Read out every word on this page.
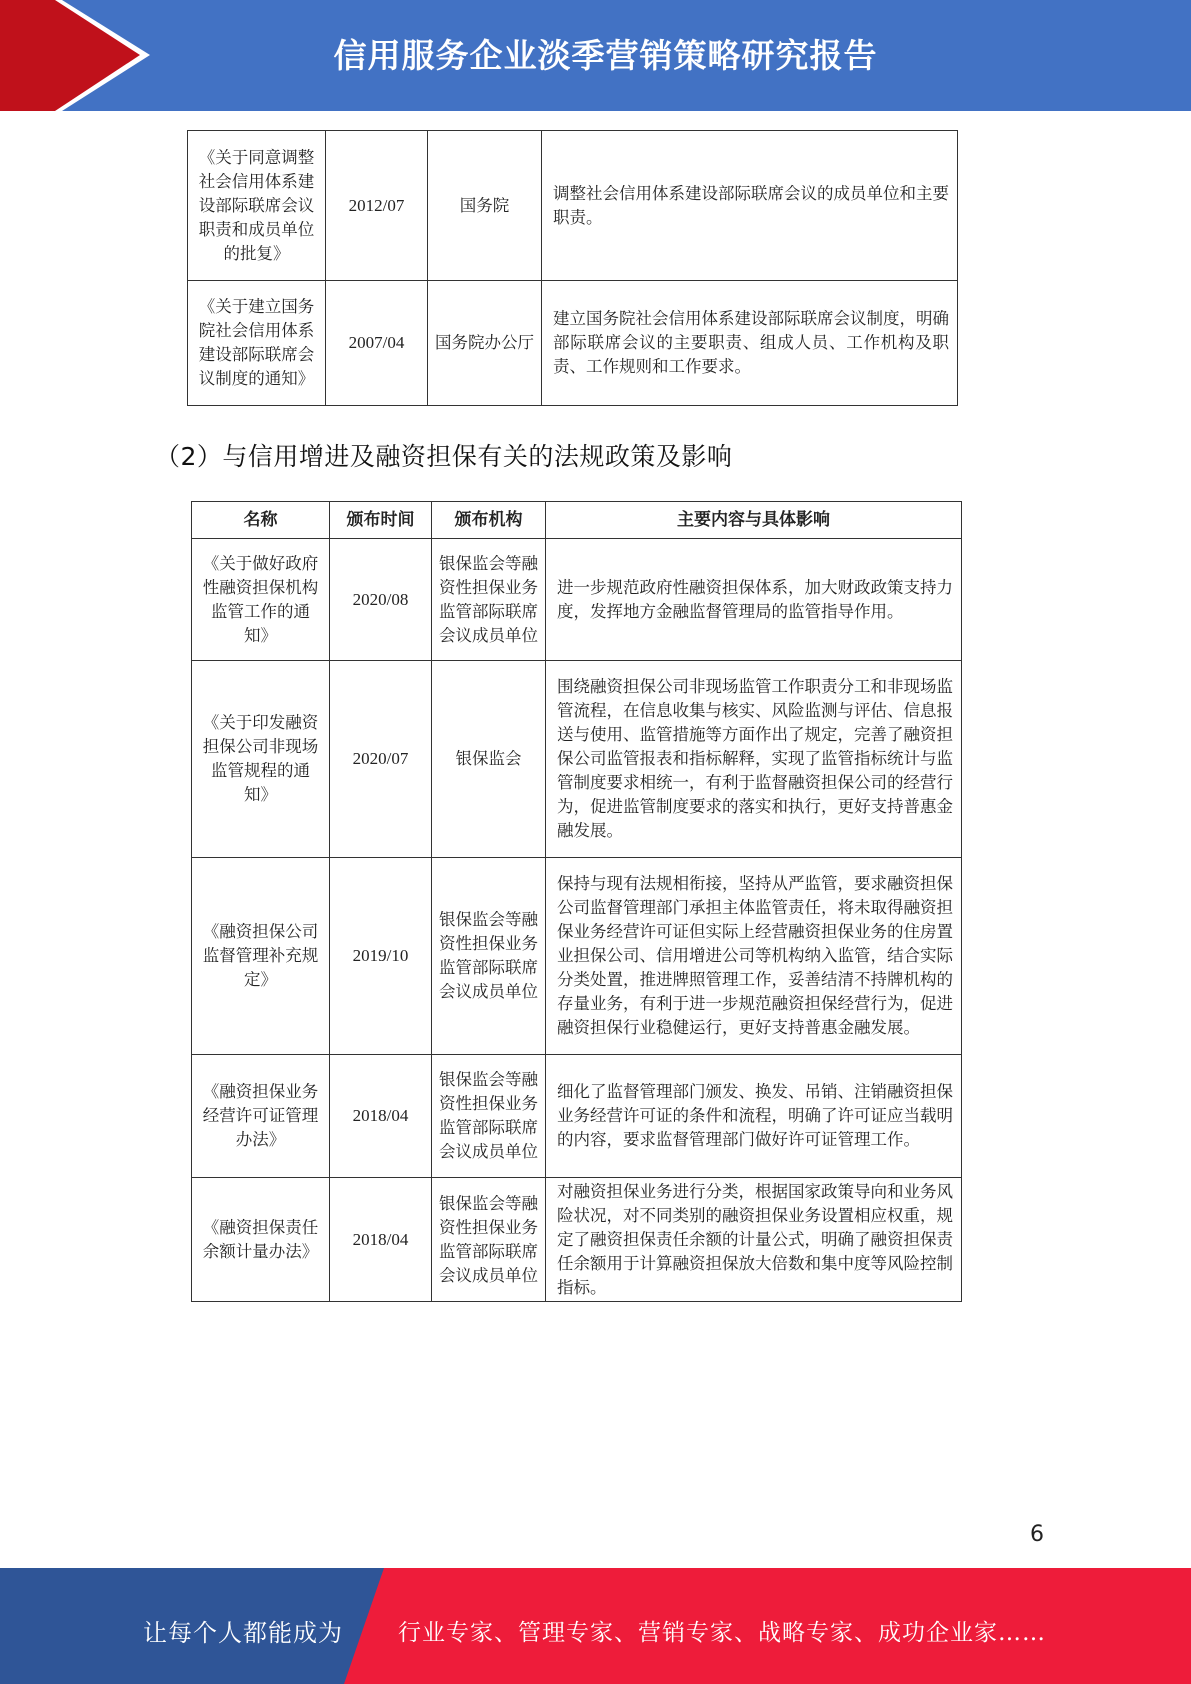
信用服务企业淡季营销策略研究报告
《关于同意调整社会信用体系建设部际联席会议职责和成员单位的批复》	2012/07	国务院	调整社会信用体系建设部际联席会议的成员单位和主要职责。
《关于建立国务院社会信用体系建设部际联席会议制度的通知》	2007/04	国务院办公厅	建立国务院社会信用体系建设部际联席会议制度，明确部际联席会议的主要职责、组成人员、工作机构及职责、工作规则和工作要求。
（2）与信用增进及融资担保有关的法规政策及影响
名称	颁布时间	颁布机构	主要内容与具体影响
《关于做好政府性融资担保机构监管工作的通知》	2020/08	银保监会等融资性担保业务监管部际联席会议成员单位	进一步规范政府性融资担保体系，加大财政政策支持力度，发挥地方金融监督管理局的监管指导作用。
《关于印发融资担保公司非现场监管规程的通知》	2020/07	银保监会	围绕融资担保公司非现场监管工作职责分工和非现场监管流程，在信息收集与核实、风险监测与评估、信息报送与使用、监管措施等方面作出了规定，完善了融资担保公司监管报表和指标解释，实现了监管指标统计与监管制度要求相统一，有利于监督融资担保公司的经营行为，促进监管制度要求的落实和执行，更好支持普惠金融发展。
《融资担保公司监督管理补充规定》	2019/10	银保监会等融资性担保业务监管部际联席会议成员单位	保持与现有法规相衔接，坚持从严监管，要求融资担保公司监督管理部门承担主体监管责任，将未取得融资担保业务经营许可证但实际上经营融资担保业务的住房置业担保公司、信用增进公司等机构纳入监管，结合实际分类处置，推进牌照管理工作，妥善结清不持牌机构的存量业务，有利于进一步规范融资担保经营行为，促进融资担保行业稳健运行，更好支持普惠金融发展。
《融资担保业务经营许可证管理办法》	2018/04	银保监会等融资性担保业务监管部际联席会议成员单位	细化了监督管理部门颁发、换发、吊销、注销融资担保业务经营许可证的条件和流程，明确了许可证应当载明的内容，要求监督管理部门做好许可证管理工作。
《融资担保责任余额计量办法》	2018/04	银保监会等融资性担保业务监管部际联席会议成员单位	对融资担保业务进行分类，根据国家政策导向和业务风险状况，对不同类别的融资担保业务设置相应权重，规定了融资担保责任余额的计量公式，明确了融资担保责任余额用于计算融资担保放大倍数和集中度等风险控制指标。
6
让每个人都能成为 行业专家、管理专家、营销专家、战略专家、成功企业家……
